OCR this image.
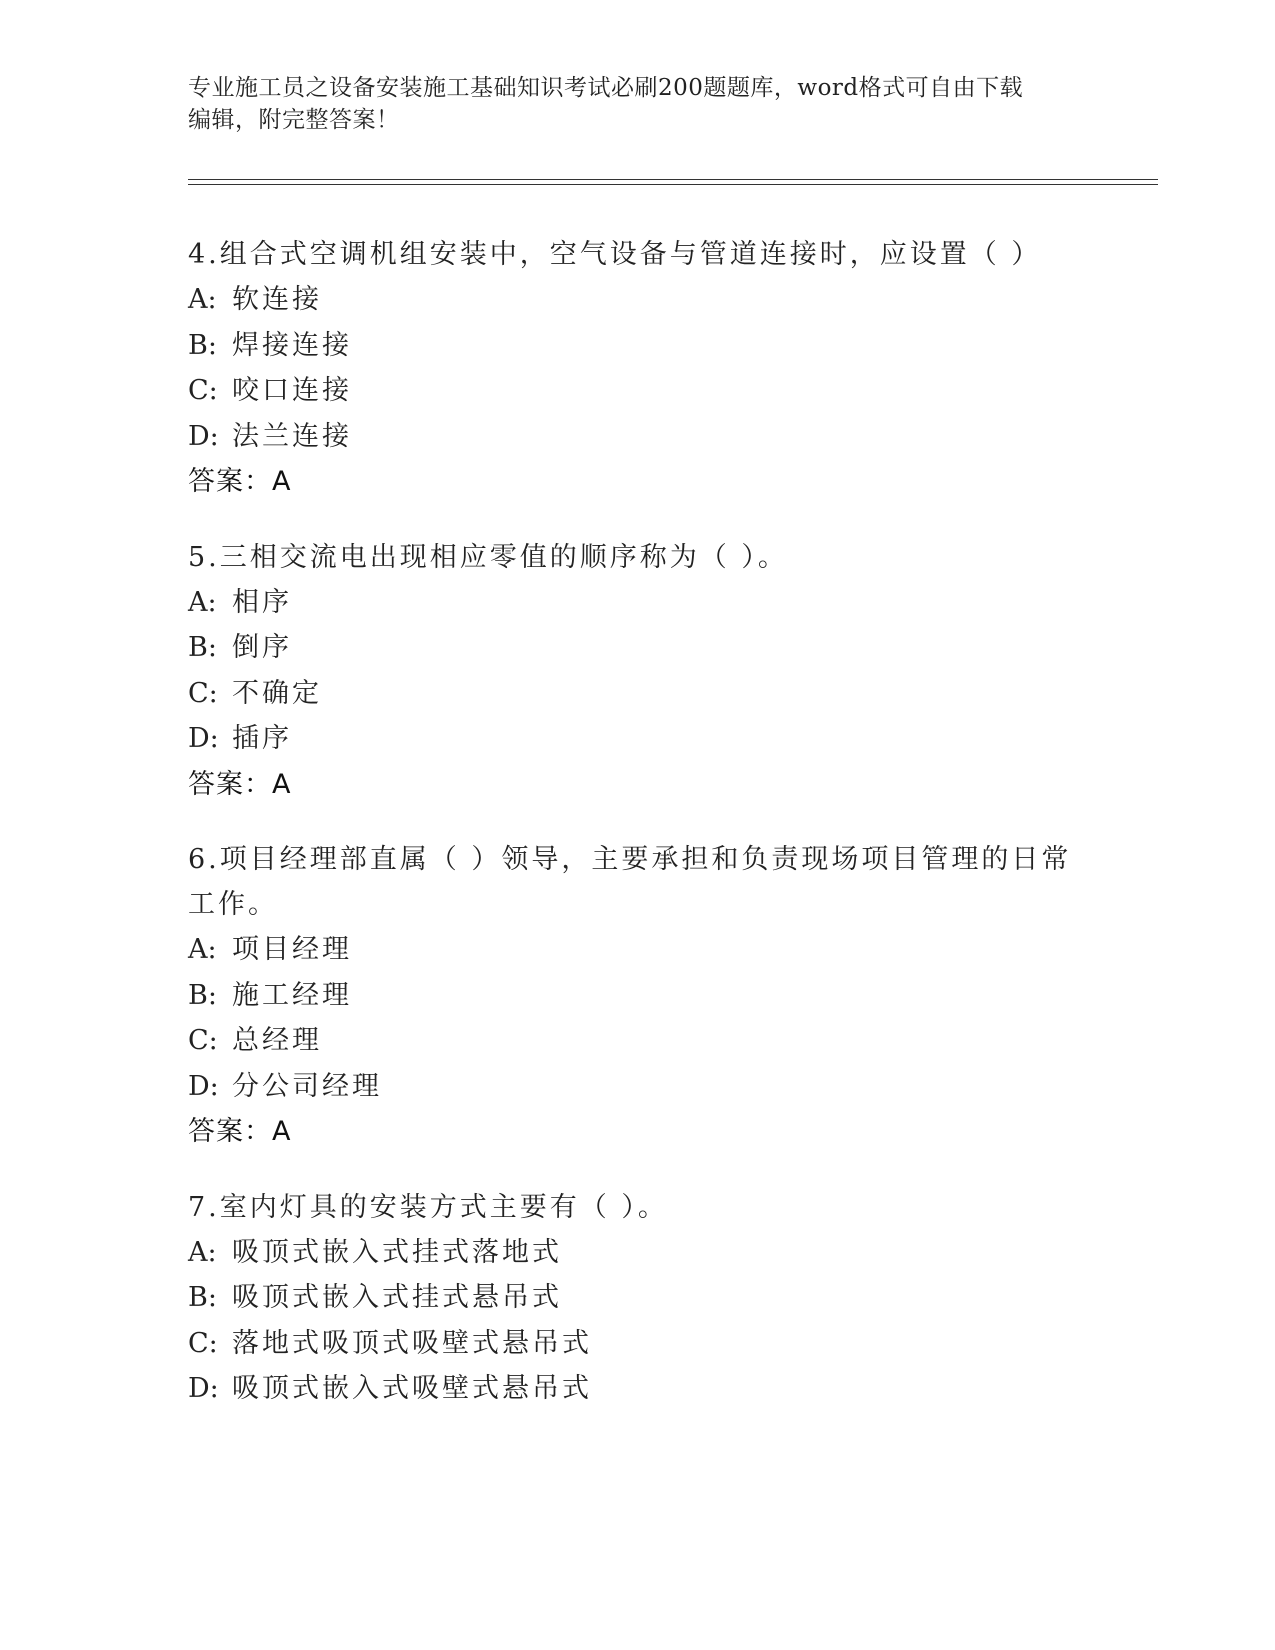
专业施工员之设备安装施工基础知识考试必刷200题题库，word格式可自由下载
编辑，附完整答案！

4.组合式空调机组安装中，空气设备与管道连接时，应设置（ ）

A: 软连接
B: 焊接连接
C: 咬口连接
D: 法兰连接
答案：A

5.三相交流电出现相应零值的顺序称为（ ）。

A: 相序
B: 倒序
C: 不确定
D: 插序
答案：A

6.项目经理部直属（ ）领导，主要承担和负责现场项目管理的日常工作。

A: 项目经理
B: 施工经理
C: 总经理
D: 分公司经理
答案：A

7.室内灯具的安装方式主要有（ ）。

A: 吸顶式嵌入式挂式落地式
B: 吸顶式嵌入式挂式悬吊式
C: 落地式吸顶式吸壁式悬吊式
D: 吸顶式嵌入式吸壁式悬吊式
